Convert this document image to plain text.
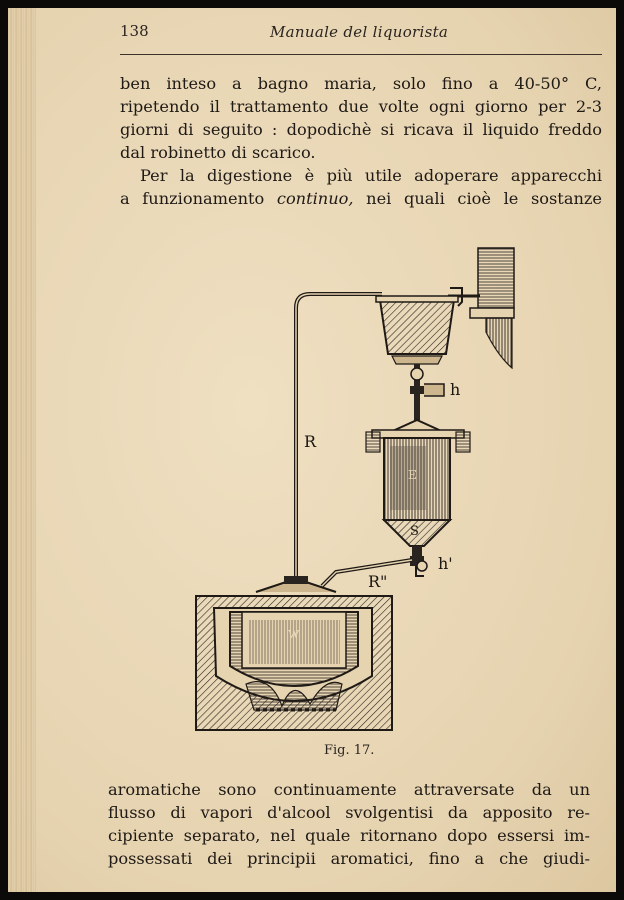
138	Manuale del liquorista
ben inteso a bagno maria, solo fino a 40-50° C,
ripetendo il trattamento due volte ogni giorno per 2-3
giorni di seguito : dopodichè si ricava il liquido freddo
dal robinetto di scarico.
Per la digestione è più utile adoperare apparecchi
a funzionamento continuo, nei quali cioè le sostanze
h
R
E
S
h'
R"
W
Fig. 17.
aromatiche sono continuamente attraversate da un
flusso di vapori d'alcool svolgentisi da apposito re-
cipiente separato, nel quale ritornano dopo essersi im-
possessati dei principii aromatici, fino a che giudi-
